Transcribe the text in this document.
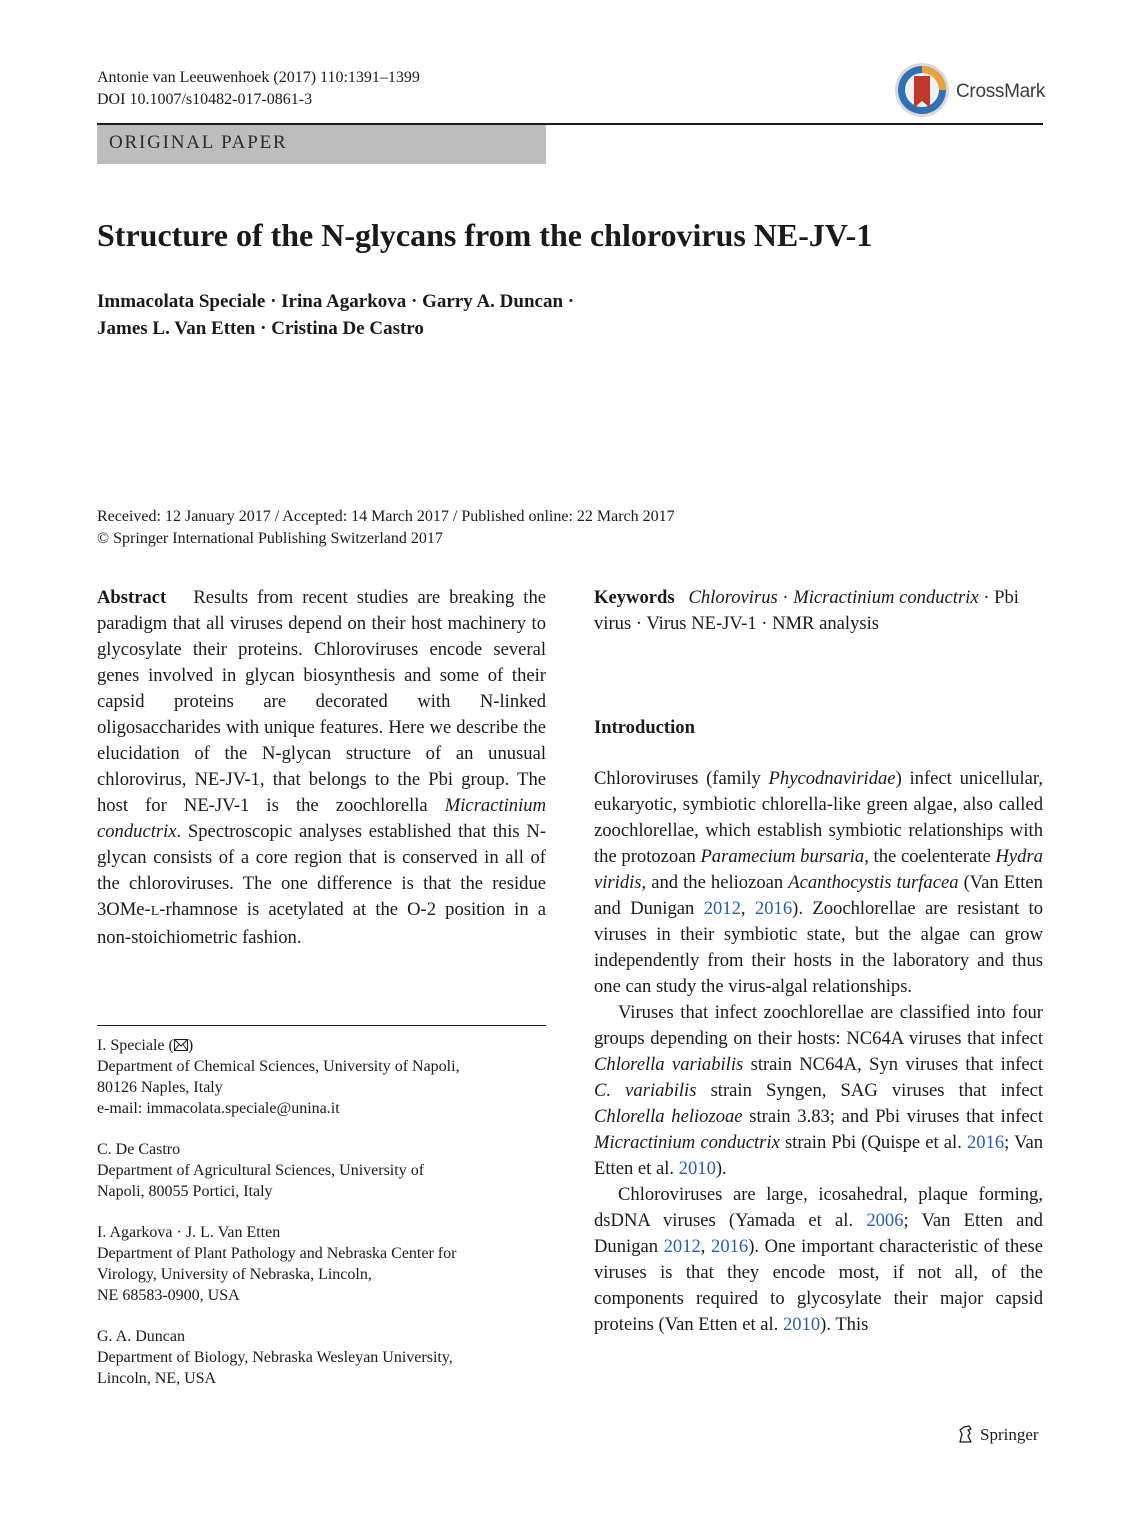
Antonie van Leeuwenhoek (2017) 110:1391–1399
DOI 10.1007/s10482-017-0861-3	CrossMark
ORIGINAL PAPER
Structure of the N-glycans from the chlorovirus NE-JV-1
Immacolata Speciale · Irina Agarkova · Garry A. Duncan ·
James L. Van Etten · Cristina De Castro
Received: 12 January 2017 / Accepted: 14 March 2017 / Published online: 22 March 2017
© Springer International Publishing Switzerland 2017

Abstract Results from recent studies are breaking the paradigm that all viruses depend on their host machinery to glycosylate their proteins. Chloroviruses encode several genes involved in glycan biosynthesis and some of their capsid proteins are decorated with N-linked oligosaccharides with unique features. Here we describe the elucidation of the N-glycan structure of an unusual chlorovirus, NE-JV-1, that belongs to the Pbi group. The host for NE-JV-1 is the zoochlorella Micractinium conductrix. Spectroscopic analyses established that this N-glycan consists of a core region that is conserved in all of the chloroviruses. The one difference is that the residue 3OMe-L-rhamnose is acetylated at the O-2 position in a non-stoichiometric fashion.

Keywords Chlorovirus · Micractinium conductrix · Pbi virus · Virus NE-JV-1 · NMR analysis

Introduction

Chloroviruses (family Phycodnaviridae) infect unicellular, eukaryotic, symbiotic chlorella-like green algae, also called zoochlorellae, which establish symbiotic relationships with the protozoan Paramecium bursaria, the coelenterate Hydra viridis, and the heliozoan Acanthocystis turfacea (Van Etten and Dunigan 2012, 2016). Zoochlorellae are resistant to viruses in their symbiotic state, but the algae can grow independently from their hosts in the laboratory and thus one can study the virus-algal relationships.

Viruses that infect zoochlorellae are classified into four groups depending on their hosts: NC64A viruses that infect Chlorella variabilis strain NC64A, Syn viruses that infect C. variabilis strain Syngen, SAG viruses that infect Chlorella heliozoae strain 3.83; and Pbi viruses that infect Micractinium conductrix strain Pbi (Quispe et al. 2016; Van Etten et al. 2010).

Chloroviruses are large, icosahedral, plaque forming, dsDNA viruses (Yamada et al. 2006; Van Etten and Dunigan 2012, 2016). One important characteristic of these viruses is that they encode most, if not all, of the components required to glycosylate their major capsid proteins (Van Etten et al. 2010). This

I. Speciale ( )

Department of Chemical Sciences, University of Napoli,

80126 Naples, Italy

e-mail: immacolata.speciale@unina.it

C. De Castro

Department of Agricultural Sciences, University of

Napoli, 80055 Portici, Italy

I. Agarkova · J. L. Van Etten

Department of Plant Pathology and Nebraska Center for

Virology, University of Nebraska, Lincoln,

NE 68583-0900, USA

G. A. Duncan

Department of Biology, Nebraska Wesleyan University,

Lincoln, NE, USA

Springer
